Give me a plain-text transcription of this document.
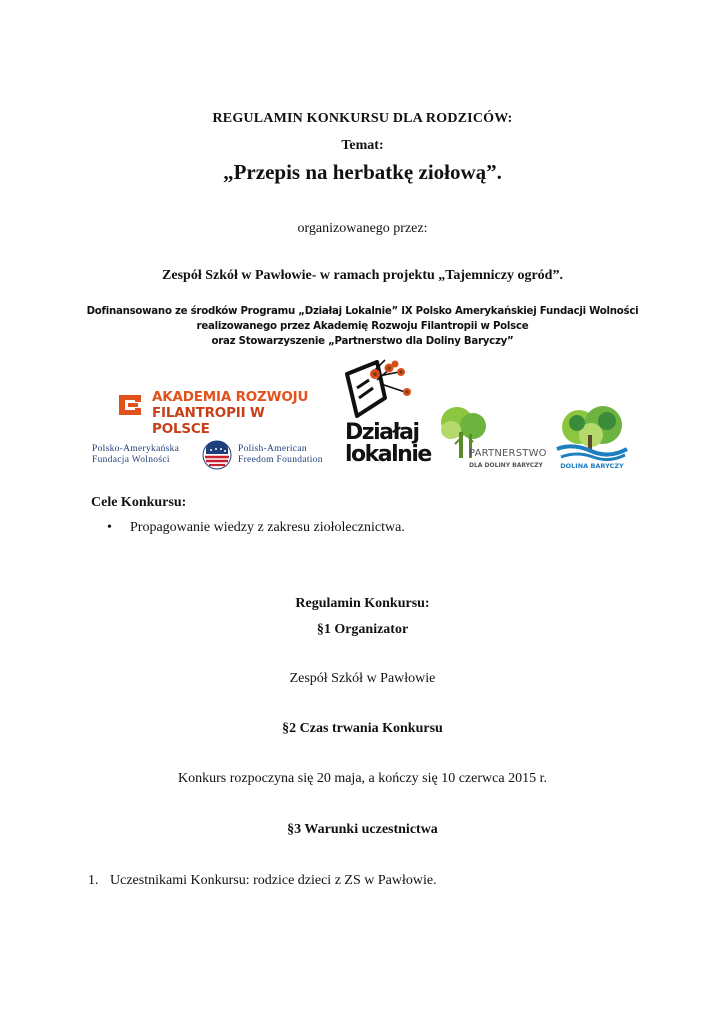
REGULAMIN KONKURSU DLA RODZICÓW:
Temat:
„Przepis na herbatkę ziołową”.
organizowanego przez:
Zespół Szkół w Pawłowie- w ramach projektu „Tajemniczy ogród”.
Dofinansowano ze środków Programu „Działaj Lokalnie” IX Polsko Amerykańskiej Fundacji Wolności
realizowanego przez Akademię Rozwoju Filantropii w Polsce
oraz Stowarzyszenie „Partnerstwo dla Doliny Baryczy”
AKADEMIA ROZWOJU
FILANTROPII W POLSCE
Polsko-Amerykańska
Fundacja Wolności
Polish-American
Freedom Foundation
Działaj
lokalnie	PARTNERSTWO
DLA DOLINY BARYCZY	DOLINA BARYCZY
Cele Konkursu:
• Propagowanie wiedzy z zakresu ziołolecznictwa.
Regulamin Konkursu:
§1 Organizator
Zespół Szkół w Pawłowie
§2 Czas trwania Konkursu
Konkurs rozpoczyna się 20 maja, a kończy się 10 czerwca 2015 r.
§3 Warunki uczestnictwa
1. Uczestnikami Konkursu: rodzice dzieci z ZS w Pawłowie.
